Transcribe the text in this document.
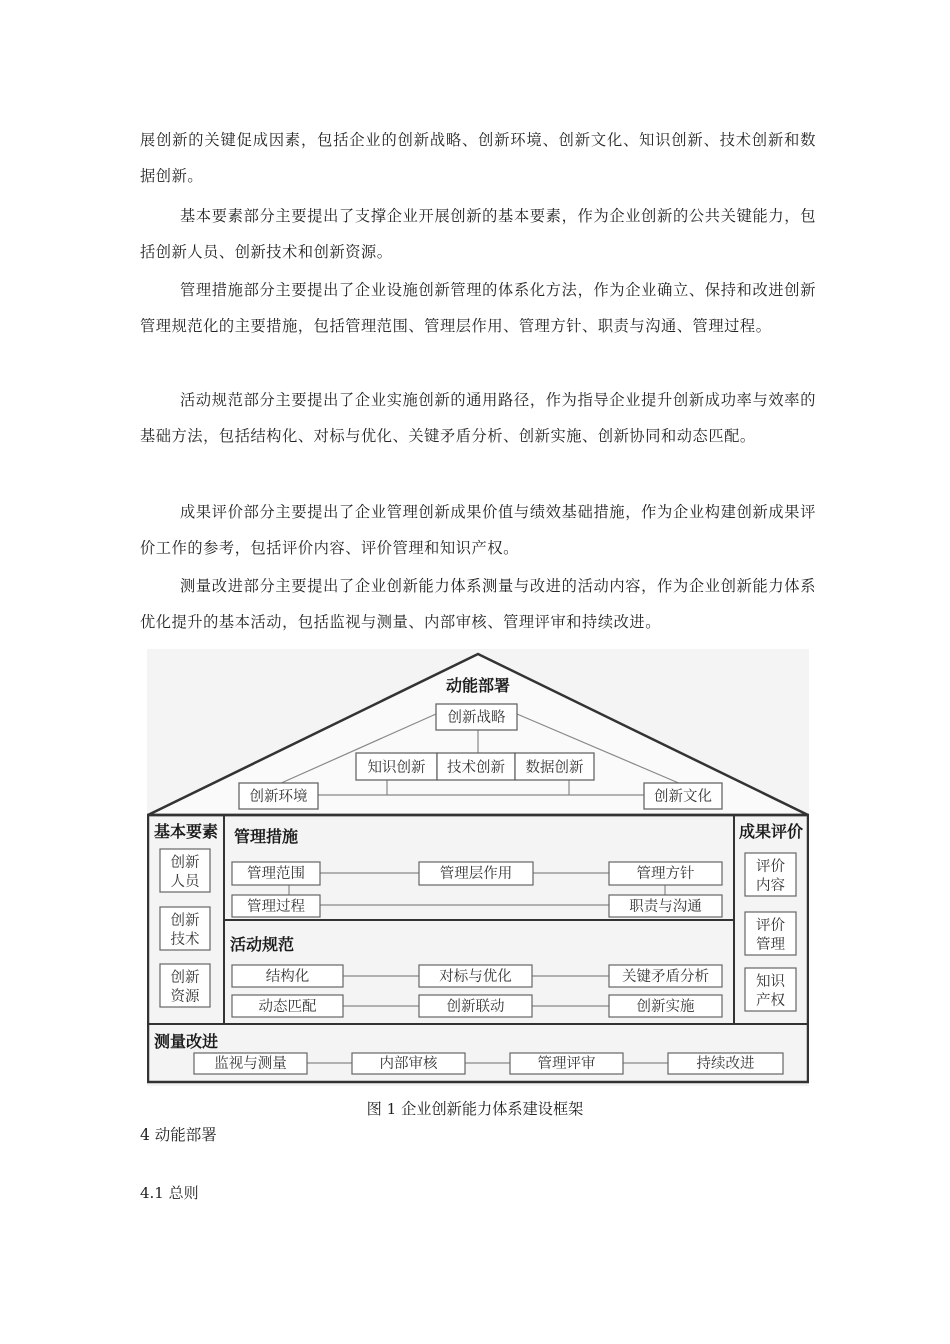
展创新的关键促成因素，包括企业的创新战略、创新环境、创新文化、知识创新、技术创新和数据创新。

基本要素部分主要提出了支撑企业开展创新的基本要素，作为企业创新的公共关键能力，包括创新人员、创新技术和创新资源。

管理措施部分主要提出了企业设施创新管理的体系化方法，作为企业确立、保持和改进创新管理规范化的主要措施，包括管理范围、管理层作用、管理方针、职责与沟通、管理过程。

活动规范部分主要提出了企业实施创新的通用路径，作为指导企业提升创新成功率与效率的基础方法，包括结构化、对标与优化、关键矛盾分析、创新实施、创新协同和动态匹配。

成果评价部分主要提出了企业管理创新成果价值与绩效基础措施，作为企业构建创新成果评价工作的参考，包括评价内容、评价管理和知识产权。

测量改进部分主要提出了企业创新能力体系测量与改进的活动内容，作为企业创新能力体系优化提升的基本活动，包括监视与测量、内部审核、管理评审和持续改进。

动能部署
创新战略
知识创新 技术创新 数据创新
创新环境	创新文化
基本要素
创新
人员
创新
技术
创新
资源
管理措施
管理范围	管理层作用	管理方针
管理过程	职责与沟通
活动规范
结构化	对标与优化	关键矛盾分析
动态匹配	创新联动	创新实施
成果评价
评价
内容
评价
管理
知识
产权
测量改进
监视与测量	内部审核	管理评审	持续改进

图 1 企业创新能力体系建设框架

4 动能部署
4.1 总则
